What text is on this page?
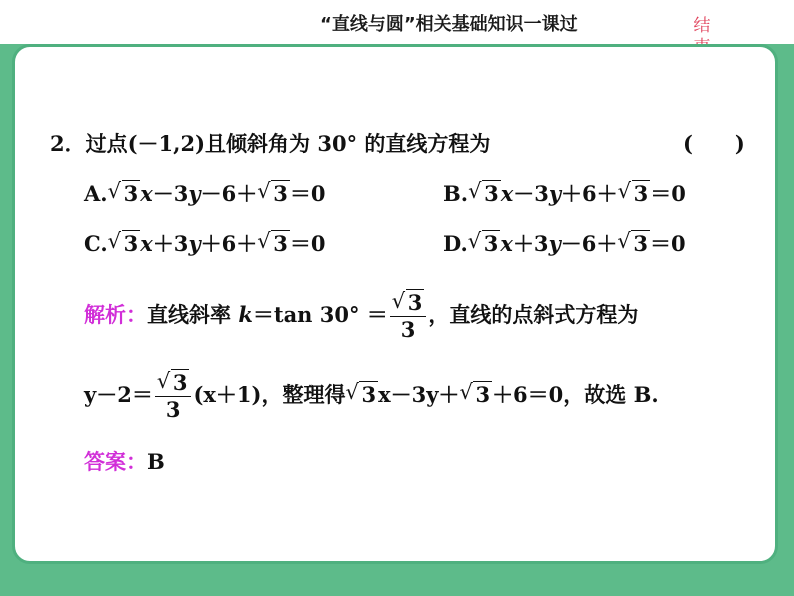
“直线与圆”相关基础知识一课过	结

2．过点(－1,2)且倾斜角为 30° 的直线方程为	(　　)
A. √ 3x－3y－6＋ √ 3＝0	B. √ 3x－3y＋6＋ √ 3＝0
C. √ 3x＋3y＋6＋ √ 3＝0	D. √ 3x＋3y－6＋ √ 3＝0
解析：直线斜率 k＝tan $30^\circ = \frac{√ 3}{3}$ ，直线的点斜式方程为
$y-2= \frac{√ 3}{3} (x+1)$，整理得 √ 3x－3y＋ √ 3＋6＝0，故选 B.
答案：B
